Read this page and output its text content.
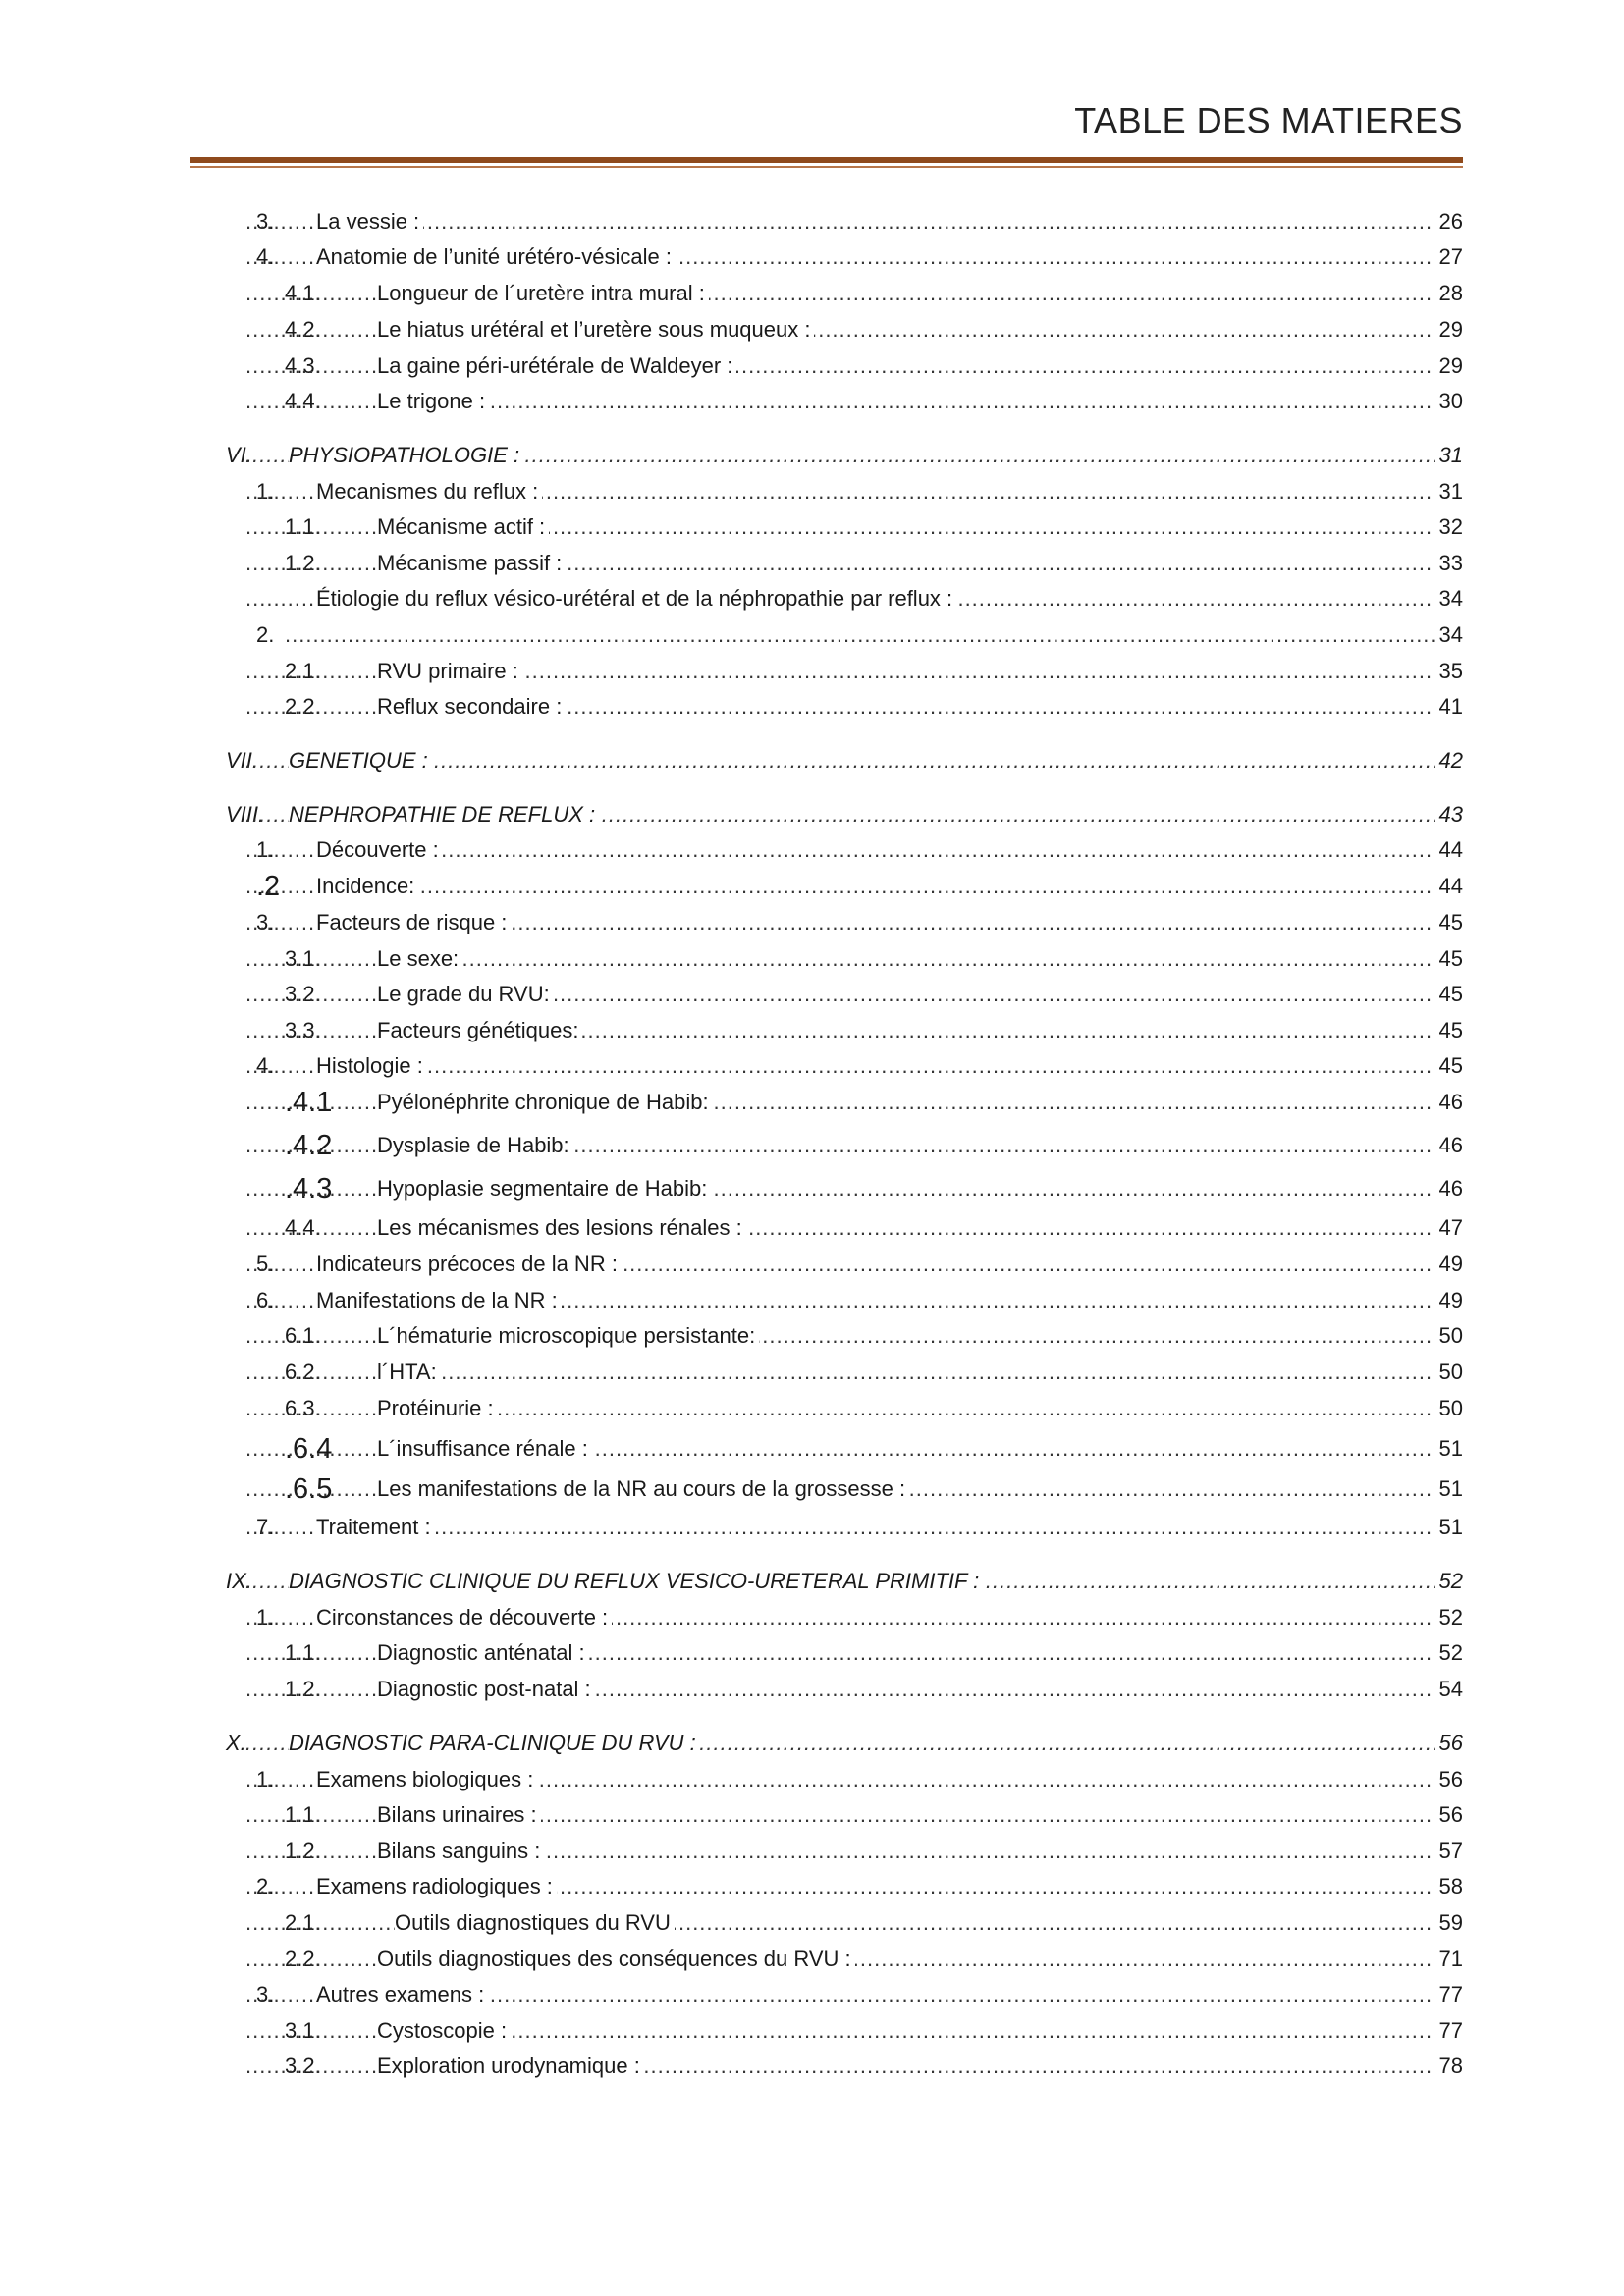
TABLE DES MATIERES
.....
3. La vessie :	26
.....
4. Anatomie de l’unité urétéro-vésicale :	27
.....
4.1.	Longueur de l´uretère intra mural :	28
.....
4.2.	Le hiatus urétéral et l’uretère sous muqueux :	29
.....
4.3.	La gaine péri-urétérale de Waldeyer :	29
.....
4.4.	Le trigone :	30
.....
VI. PHYSIOPATHOLOGIE :	31
.....
1. Mecanismes du reflux :	31
.....
1.1.	Mécanisme actif :	32
.....
1.2.	Mécanisme passif :	33
.....
Étiologie du reflux vésico-urétéral et de la néphropathie par reflux :	34
.....
2.	34
.....
2.1.	RVU primaire :	35
.....
2.2.	Reflux secondaire :	41
.....
VII. GENETIQUE :	42
.....
VIII. NEPHROPATHIE DE REFLUX :	43
.....
1. Découverte :	44
.....
.2 Incidence:	44
.....
3. Facteurs de risque :	45
.....
3.1.	Le sexe:	45
.....
3.2.	Le grade du RVU:	45
.....
3.3.	Facteurs génétiques:	45
.....
4. Histologie :	45
.....
.4.1 Pyélonéphrite chronique de Habib:	46
.....
.4.2 Dysplasie de Habib:	46
.....
.4.3 Hypoplasie segmentaire de Habib:	46
.....
4.4.	Les mécanismes des lesions rénales :	47
.....
5. Indicateurs précoces de la NR :	49
.....
6. Manifestations de la NR :	49
.....
6.1.	L´hématurie microscopique persistante:	50
.....
6.2.	l´HTA:	50
.....
6.3.	Protéinurie :	50
.....
.6.4 L´insuffisance rénale :	51
.....
.6.5 Les manifestations de la NR au cours de la grossesse :	51
.....
7. Traitement :	51
.....
IX. DIAGNOSTIC CLINIQUE DU REFLUX VESICO-URETERAL PRIMITIF :	52
.....
1. Circonstances de découverte :	52
.....
1.1.	Diagnostic anténatal :	52
.....
1.2.	Diagnostic post-natal :	54
.....
X. DIAGNOSTIC PARA-CLINIQUE DU RVU :	56
.....
1. Examens biologiques :	56
.....
1.1.	Bilans urinaires :	56
.....
1.2.	Bilans sanguins :	57
.....
2. Examens radiologiques :	58
.....
2.1.	Outils diagnostiques du RVU	59
.....
2.2.	Outils diagnostiques des conséquences du RVU :	71
.....
3. Autres examens :	77
.....
3.1.	Cystoscopie :	77
.....
3.2.	Exploration urodynamique :	78
